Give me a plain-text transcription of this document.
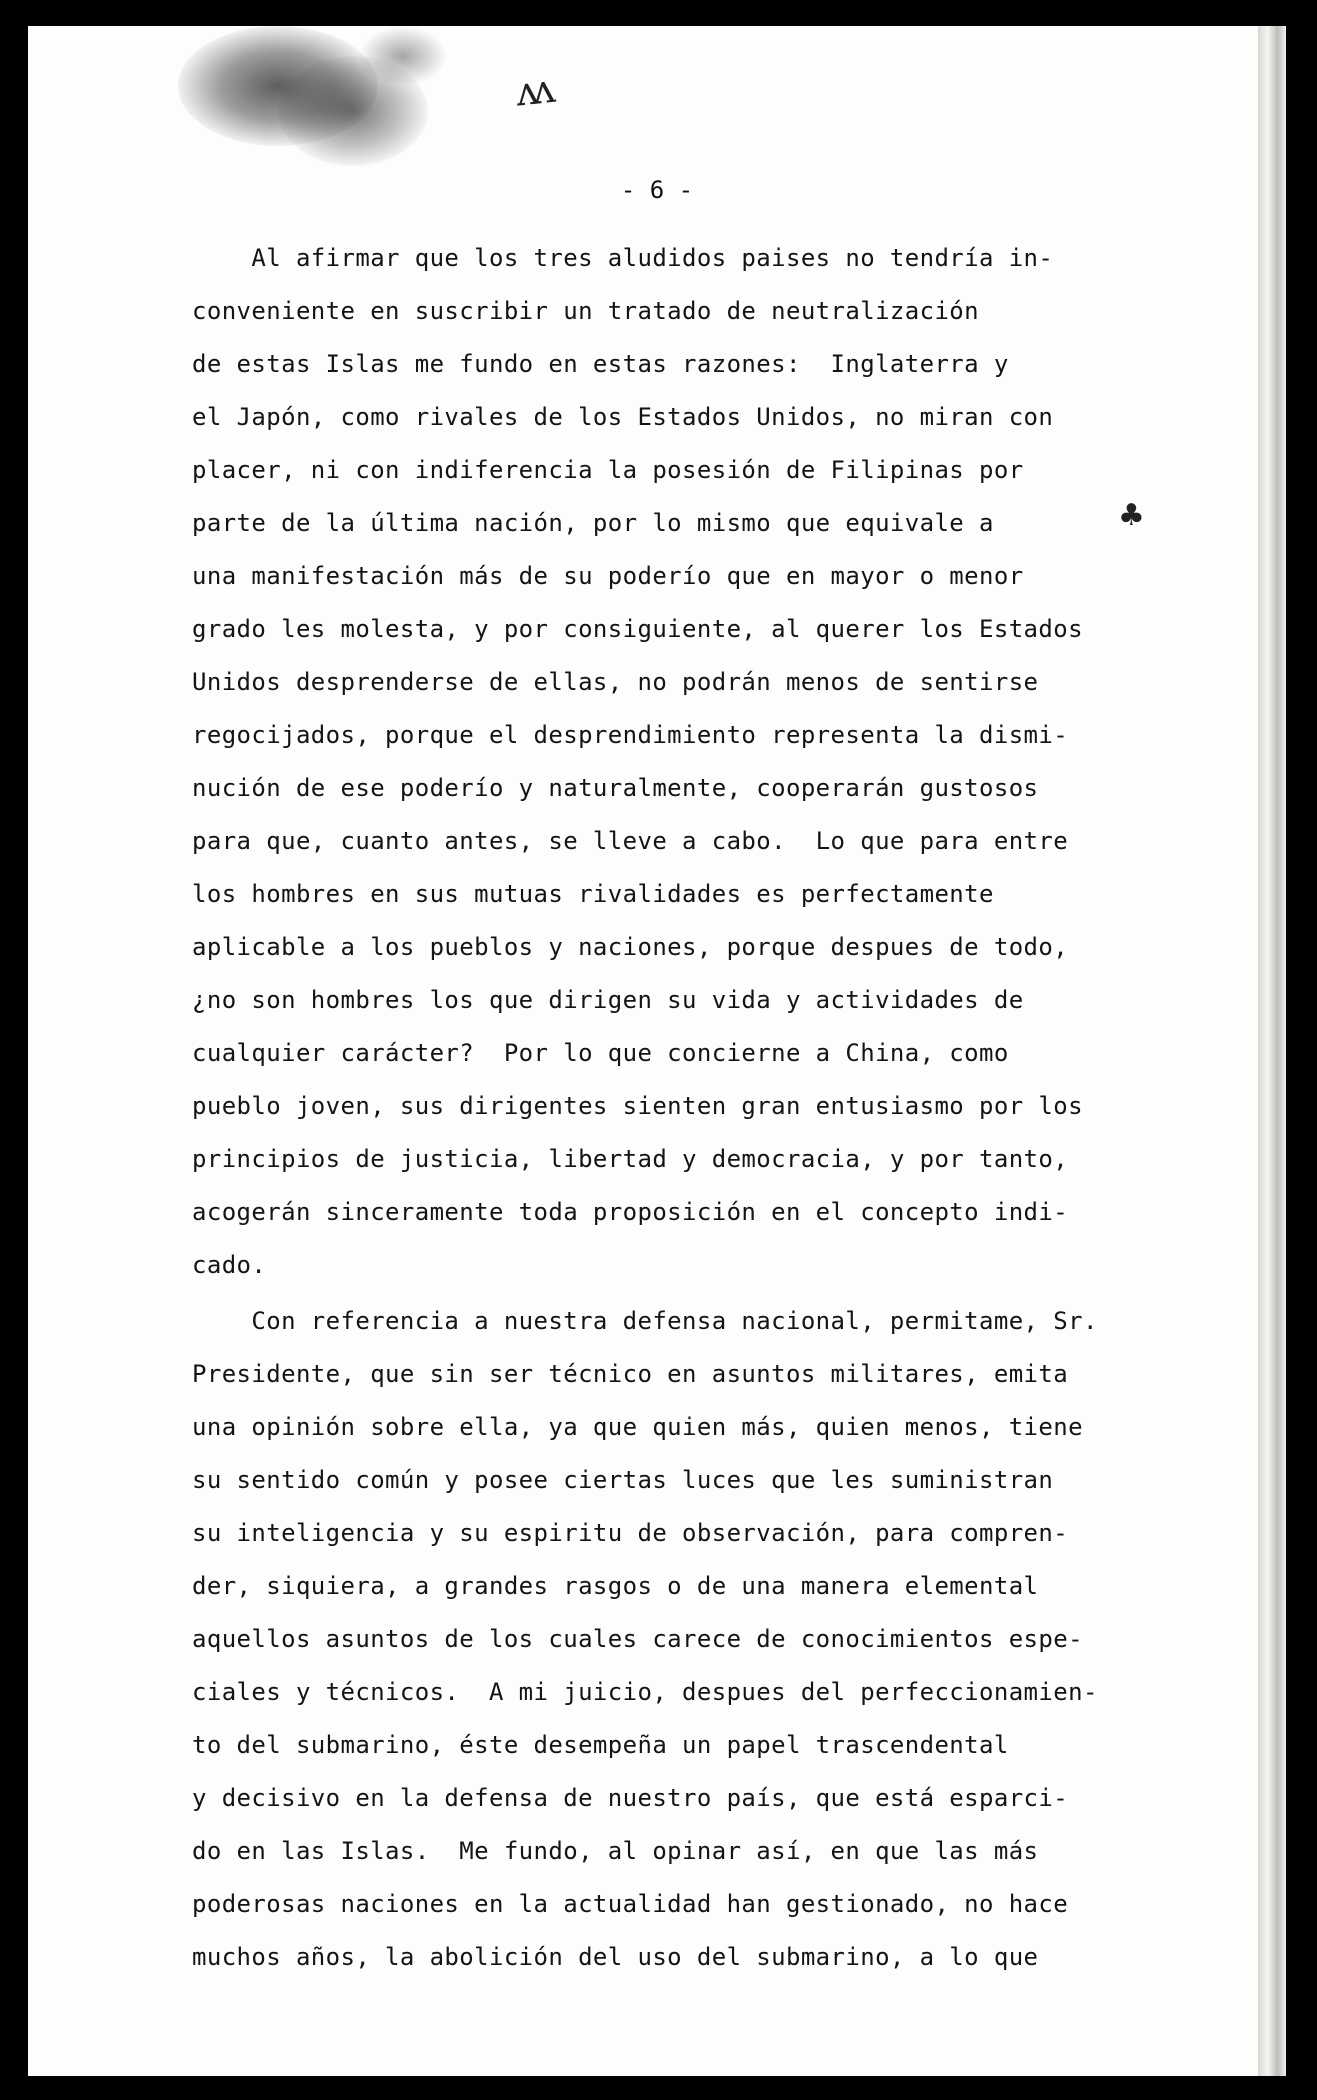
ʌʌ
♣
- 6 -
Al afirmar que los tres aludidos paises no tendría in-
conveniente en suscribir un tratado de neutralización
de estas Islas me fundo en estas razones:  Inglaterra y
el Japón, como rivales de los Estados Unidos, no miran con
placer, ni con indiferencia la posesión de Filipinas por
parte de la última nación, por lo mismo que equivale a
una manifestación más de su poderío que en mayor o menor
grado les molesta, y por consiguiente, al querer los Estados
Unidos desprenderse de ellas, no podrán menos de sentirse
regocijados, porque el desprendimiento representa la dismi-
nución de ese poderío y naturalmente, cooperarán gustosos
para que, cuanto antes, se lleve a cabo.  Lo que para entre
los hombres en sus mutuas rivalidades es perfectamente
aplicable a los pueblos y naciones, porque despues de todo,
¿no son hombres los que dirigen su vida y actividades de
cualquier carácter?  Por lo que concierne a China, como
pueblo joven, sus dirigentes sienten gran entusiasmo por los
principios de justicia, libertad y democracia, y por tanto,
acogerán sinceramente toda proposición en el concepto indi-
cado.
Con referencia a nuestra defensa nacional, permitame, Sr.
Presidente, que sin ser técnico en asuntos militares, emita
una opinión sobre ella, ya que quien más, quien menos, tiene
su sentido común y posee ciertas luces que les suministran
su inteligencia y su espiritu de observación, para compren-
der, siquiera, a grandes rasgos o de una manera elemental
aquellos asuntos de los cuales carece de conocimientos espe-
ciales y técnicos.  A mi juicio, despues del perfeccionamien-
to del submarino, éste desempeña un papel trascendental
y decisivo en la defensa de nuestro país, que está esparci-
do en las Islas.  Me fundo, al opinar así, en que las más
poderosas naciones en la actualidad han gestionado, no hace
muchos años, la abolición del uso del submarino, a lo que
